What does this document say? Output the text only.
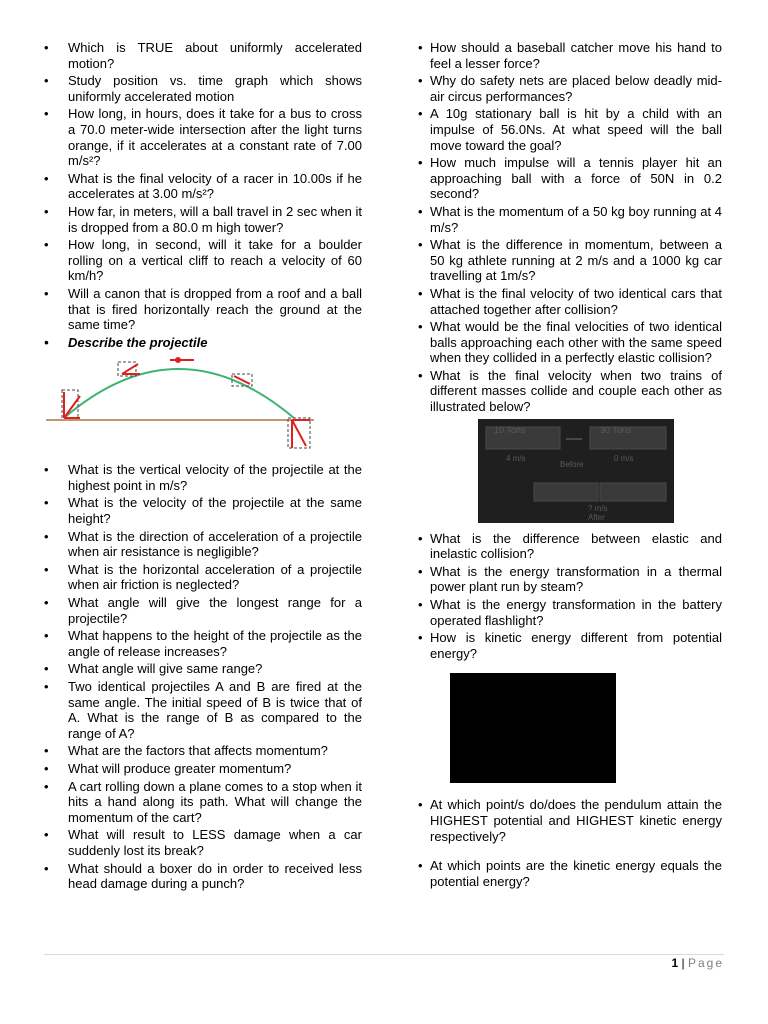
• Which is TRUE about uniformly accelerated motion?
• Study position vs. time graph which shows uniformly accelerated motion
• How long, in hours, does it take for a bus to cross a 70.0 meter-wide intersection after the light turns orange, if it accelerates at a constant rate of 7.00 m/s²?
• What is the final velocity of a racer in 10.00s if he accelerates at 3.00 m/s²?
• How far, in meters, will a ball travel in 2 sec when it is dropped from a 80.0 m high tower?
• How long, in second, will it take for a boulder rolling on a vertical cliff to reach a velocity of 60 km/h?
• Will a canon that is dropped from a roof and a ball that is fired horizontally reach the ground at the same time?
• Describe the projectile
• What is the vertical velocity of the projectile at the highest point in m/s?
• What is the velocity of the projectile at the same height?
• What is the direction of acceleration of a projectile when air resistance is negligible?
• What is the horizontal acceleration of a projectile when air friction is neglected?
• What angle will give the longest range for a projectile?
• What happens to the height of the projectile as the angle of release increases?
• What angle will give same range?
• Two identical projectiles A and B are fired at the same angle. The initial speed of B is twice that of A. What is the range of B as compared to the range of A?
• What are the factors that affects momentum?
• What will produce greater momentum?
• A cart rolling down a plane comes to a stop when it hits a hand along its path. What will change the momentum of the cart?
• What will result to LESS damage when a car suddenly lost its break?
• What should a boxer do in order to received less head damage during a punch?
• How should a baseball catcher move his hand to feel a lesser force?
• Why do safety nets are placed below deadly mid-air circus performances?
• A 10g stationary ball is hit by a child with an impulse of 56.0Ns. At what speed will the ball move toward the goal?
• How much impulse will a tennis player hit an approaching ball with a force of 50N in 0.2 second?
• What is the momentum of a 50 kg boy running at 4 m/s?
• What is the difference in momentum, between a 50 kg athlete running at 2 m/s and a 1000 kg car travelling at 1m/s?
• What is the final velocity of two identical cars that attached together after collision?
• What would be the final velocities of two identical balls approaching each other with the same speed when they collided in a perfectly elastic collision?
• What is the final velocity when two trains of different masses collide and couple each other as illustrated below?
10 Tons	30 Tons
4 m/s	0 m/s
Before
? m/s
After
• What is the difference between elastic and inelastic collision?
• What is the energy transformation in a thermal power plant run by steam?
• What is the energy transformation in the battery operated flashlight?
• How is kinetic energy different from potential energy?
• At which point/s do/does the pendulum attain the HIGHEST potential and HIGHEST kinetic energy respectively?
• At which points are the kinetic energy equals the potential energy?
1 | Page
